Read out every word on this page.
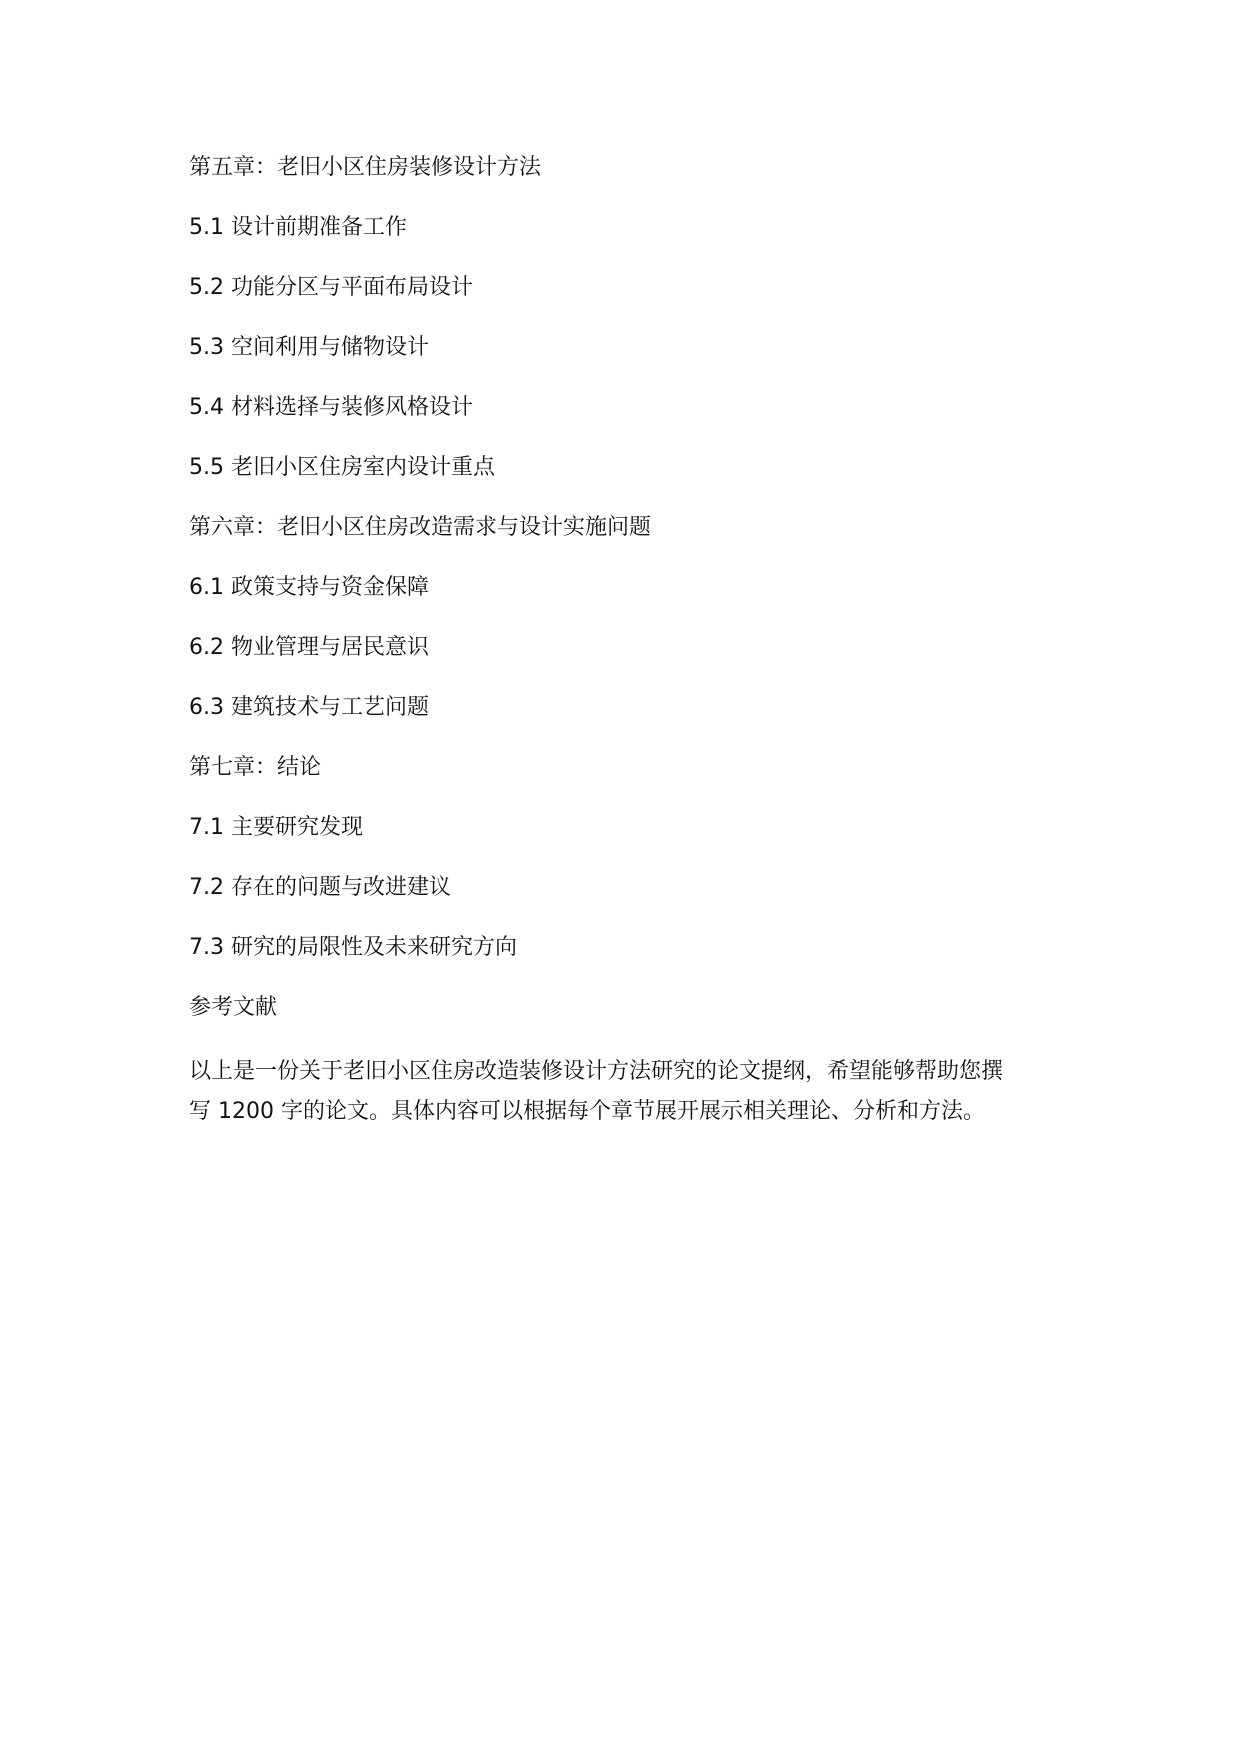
第五章：老旧小区住房装修设计方法

5.1 设计前期准备工作

5.2 功能分区与平面布局设计

5.3 空间利用与储物设计

5.4 材料选择与装修风格设计

5.5 老旧小区住房室内设计重点

第六章：老旧小区住房改造需求与设计实施问题

6.1 政策支持与资金保障

6.2 物业管理与居民意识

6.3 建筑技术与工艺问题

第七章：结论

7.1 主要研究发现

7.2 存在的问题与改进建议

7.3 研究的局限性及未来研究方向

参考文献

以上是一份关于老旧小区住房改造装修设计方法研究的论文提纲，希望能够帮助您撰
写 1200 字的论文。具体内容可以根据每个章节展开展示相关理论、分析和方法。
